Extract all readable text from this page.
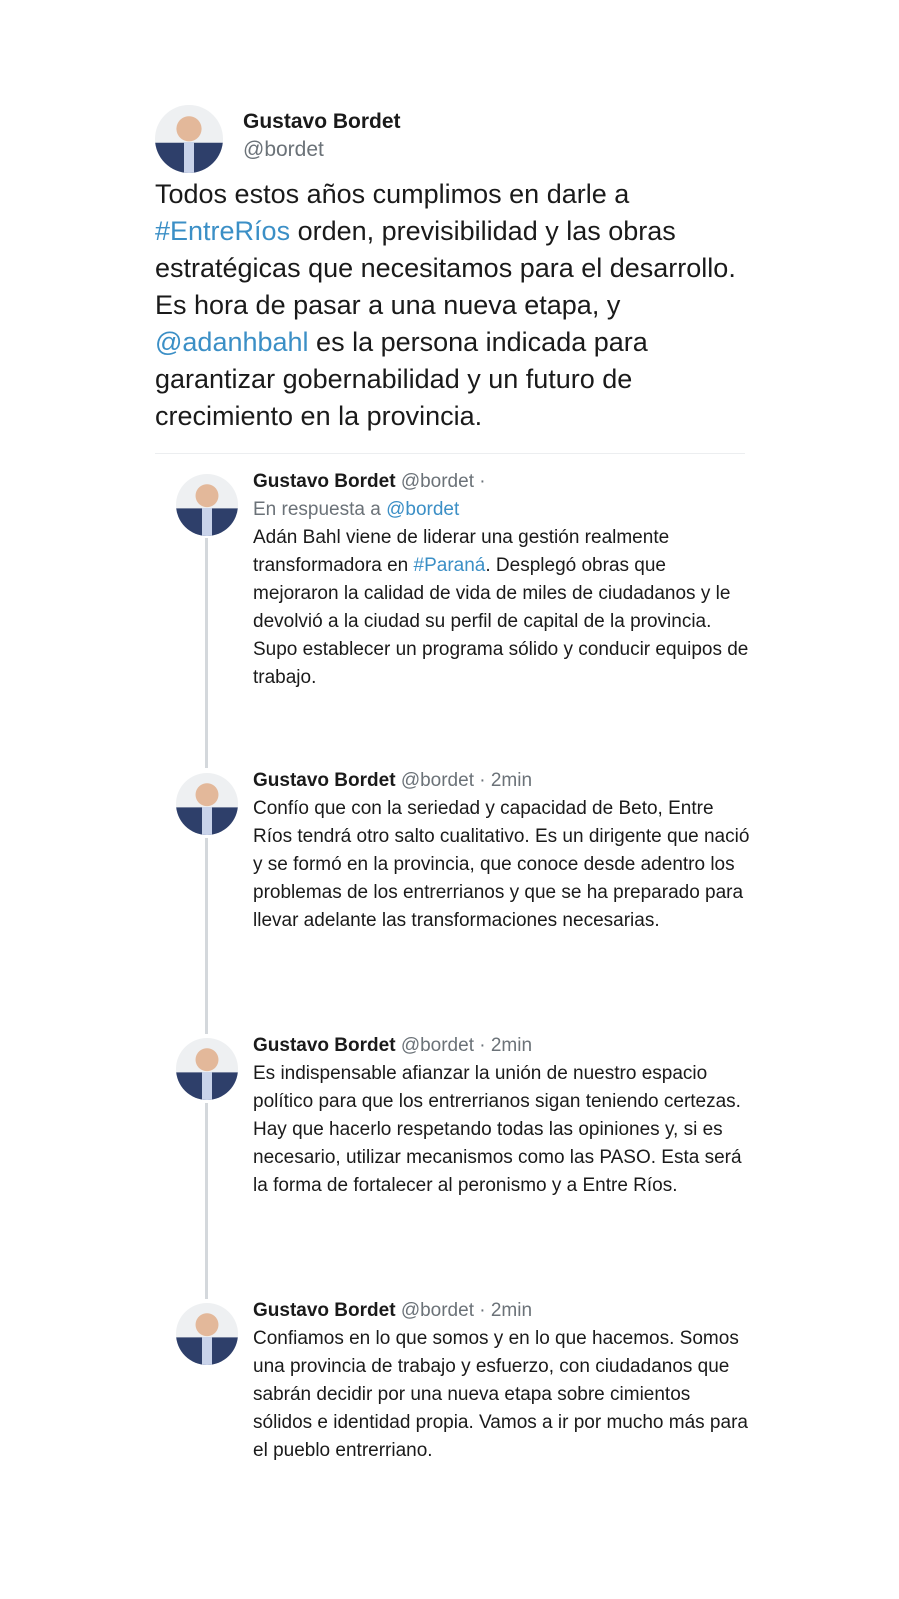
Gustavo Bordet
@bordet
Todos estos años cumplimos en darle a #EntreRíos orden, previsibilidad y las obras estratégicas que necesitamos para el desarrollo. Es hora de pasar a una nueva etapa, y @adanhbahl es la persona indicada para garantizar gobernabilidad y un futuro de crecimiento en la provincia.
Gustavo Bordet @bordet ·
En respuesta a @bordet
Adán Bahl viene de liderar una gestión realmente transformadora en #Paraná. Desplegó obras que mejoraron la calidad de vida de miles de ciudadanos y le devolvió a la ciudad su perfil de capital de la provincia. Supo establecer un programa sólido y conducir equipos de trabajo.
Gustavo Bordet @bordet · 2min
Confío que con la seriedad y capacidad de Beto, Entre Ríos tendrá otro salto cualitativo. Es un dirigente que nació y se formó en la provincia, que conoce desde adentro los problemas de los entrerrianos y que se ha preparado para llevar adelante las transformaciones necesarias.
Gustavo Bordet @bordet · 2min
Es indispensable afianzar la unión de nuestro espacio político para que los entrerrianos sigan teniendo certezas. Hay que hacerlo respetando todas las opiniones y, si es necesario, utilizar mecanismos como las PASO. Esta será la forma de fortalecer al peronismo y a Entre Ríos.
Gustavo Bordet @bordet · 2min
Confiamos en lo que somos y en lo que hacemos. Somos una provincia de trabajo y esfuerzo, con ciudadanos que sabrán decidir por una nueva etapa sobre cimientos sólidos e identidad propia. Vamos a ir por mucho más para el pueblo entrerriano.
